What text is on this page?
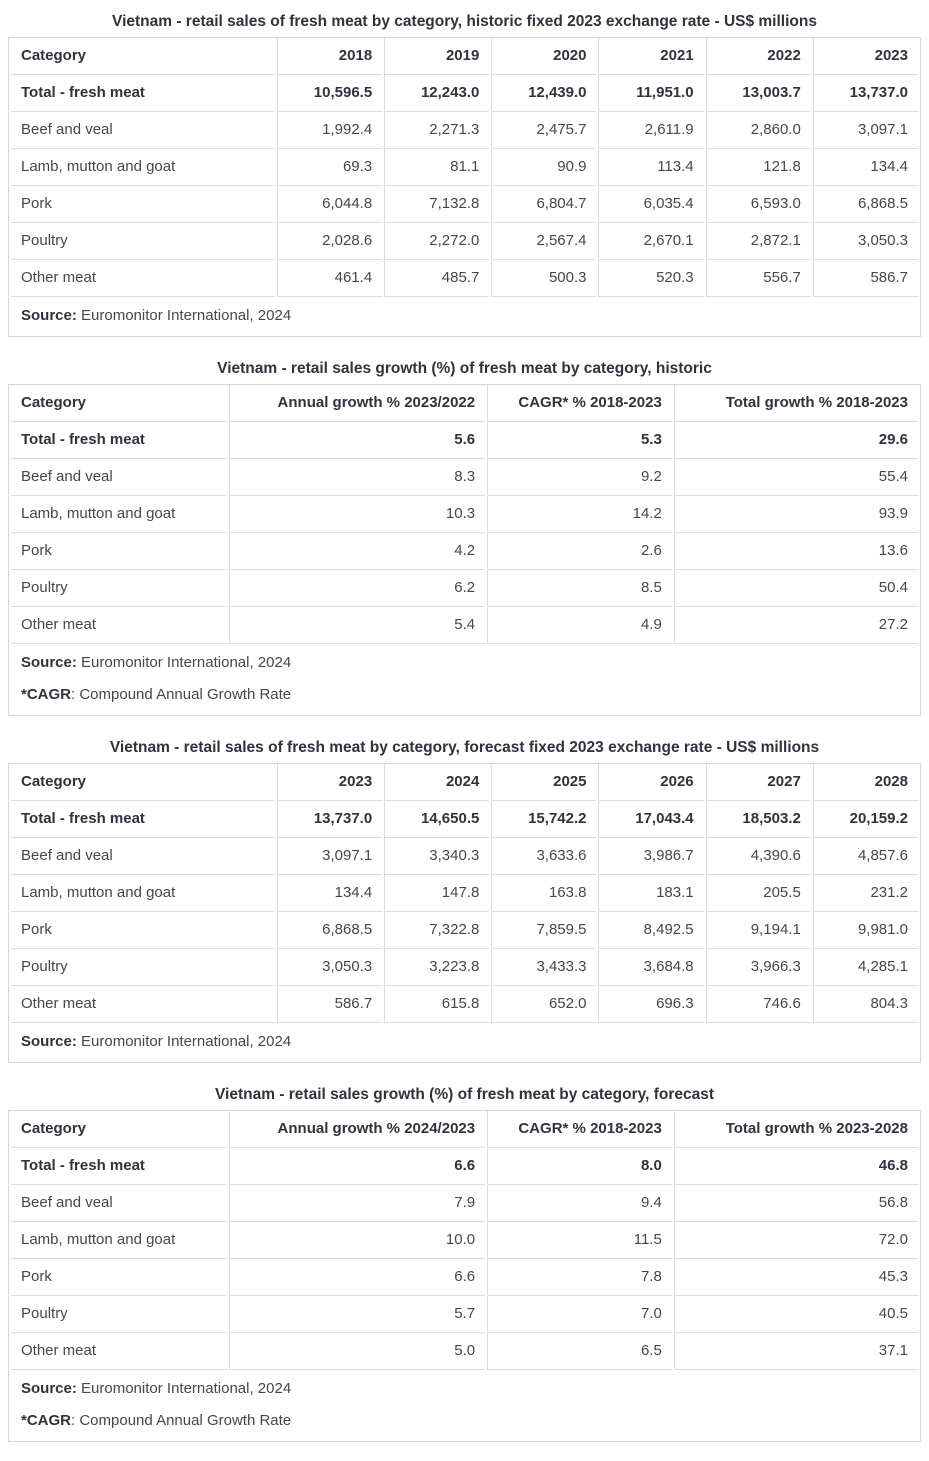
Vietnam - retail sales of fresh meat by category, historic fixed 2023 exchange rate - US$ millions
Category	2018	2019	2020	2021	2022	2023
Total - fresh meat	10,596.5	12,243.0	12,439.0	11,951.0	13,003.7	13,737.0
Beef and veal	1,992.4	2,271.3	2,475.7	2,611.9	2,860.0	3,097.1
Lamb, mutton and goat	69.3	81.1	90.9	113.4	121.8	134.4
Pork	6,044.8	7,132.8	6,804.7	6,035.4	6,593.0	6,868.5
Poultry	2,028.6	2,272.0	2,567.4	2,670.1	2,872.1	3,050.3
Other meat	461.4	485.7	500.3	520.3	556.7	586.7

Source: Euromonitor International, 2024						

Vietnam - retail sales growth (%) of fresh meat by category, historic
Category	Annual growth % 2023/2022	CAGR* % 2018-2023	Total growth % 2018-2023
Total - fresh meat	5.6	5.3	29.6
Beef and veal	8.3	9.2	55.4
Lamb, mutton and goat	10.3	14.2	93.9
Pork	4.2	2.6	13.6
Poultry	6.2	8.5	50.4
Other meat	5.4	4.9	27.2

Source: Euromonitor International, 2024

*CAGR: Compound Annual Growth Rate			

Vietnam - retail sales of fresh meat by category, forecast fixed 2023 exchange rate - US$ millions
Category	2023	2024	2025	2026	2027	2028
Total - fresh meat	13,737.0	14,650.5	15,742.2	17,043.4	18,503.2	20,159.2
Beef and veal	3,097.1	3,340.3	3,633.6	3,986.7	4,390.6	4,857.6
Lamb, mutton and goat	134.4	147.8	163.8	183.1	205.5	231.2
Pork	6,868.5	7,322.8	7,859.5	8,492.5	9,194.1	9,981.0
Poultry	3,050.3	3,223.8	3,433.3	3,684.8	3,966.3	4,285.1
Other meat	586.7	615.8	652.0	696.3	746.6	804.3

Source: Euromonitor International, 2024						

Vietnam - retail sales growth (%) of fresh meat by category, forecast
Category	Annual growth % 2024/2023	CAGR* % 2018-2023	Total growth % 2023-2028
Total - fresh meat	6.6	8.0	46.8
Beef and veal	7.9	9.4	56.8
Lamb, mutton and goat	10.0	11.5	72.0
Pork	6.6	7.8	45.3
Poultry	5.7	7.0	40.5
Other meat	5.0	6.5	37.1

Source: Euromonitor International, 2024

*CAGR: Compound Annual Growth Rate			
